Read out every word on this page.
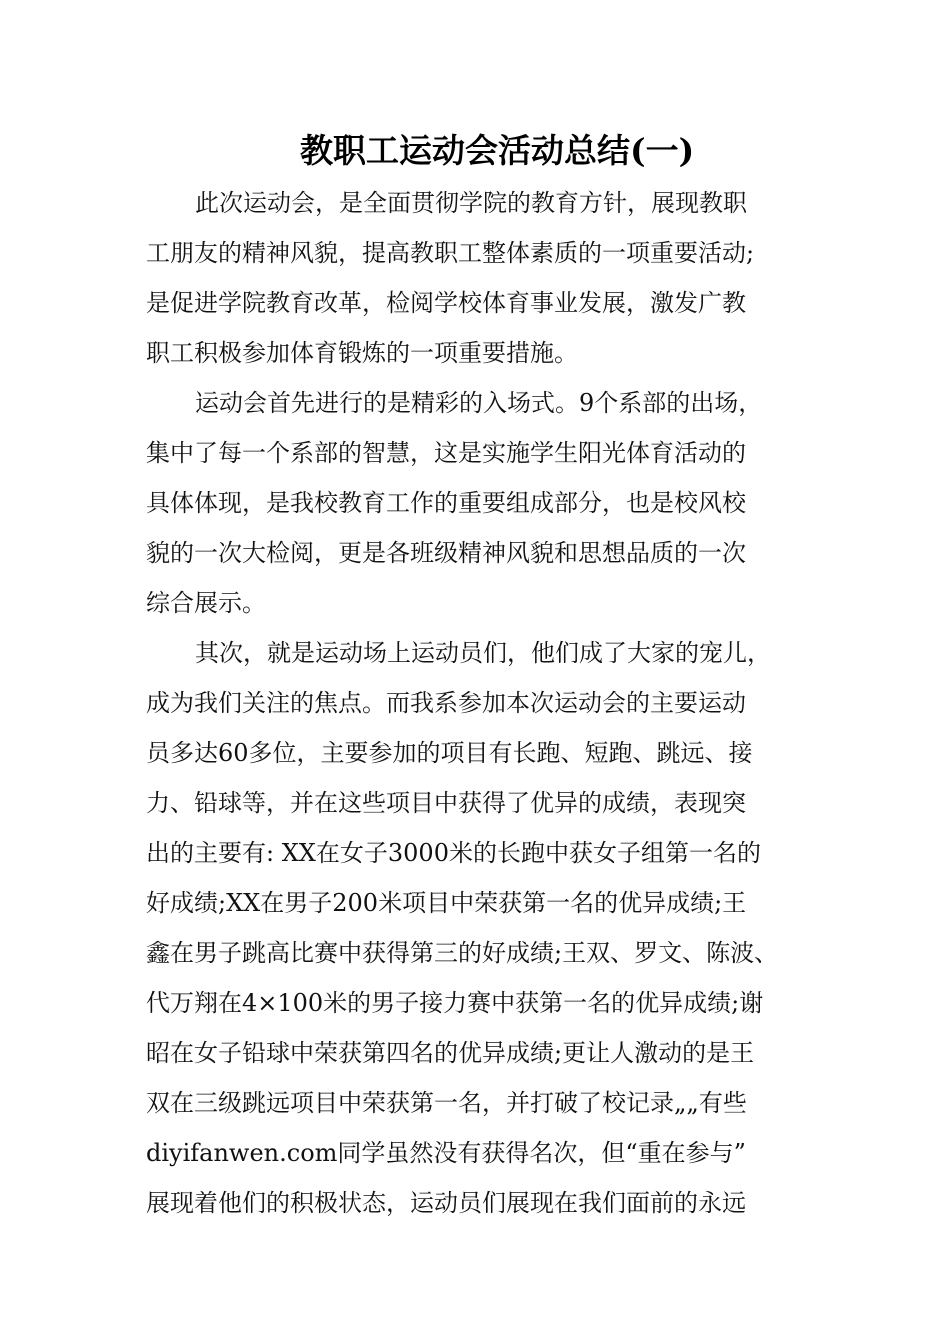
教职工运动会活动总结(一)
此次运动会，是全面贯彻学院的教育方针，展现教职
工朋友的精神风貌，提高教职工整体素质的一项重要活动;
是促进学院教育改革，检阅学校体育事业发展，激发广教
职工积极参加体育锻炼的一项重要措施。
运动会首先进行的是精彩的入场式。9个系部的出场，
集中了每一个系部的智慧，这是实施学生阳光体育活动的
具体体现，是我校教育工作的重要组成部分，也是校风校
貌的一次大检阅，更是各班级精神风貌和思想品质的一次
综合展示。
其次，就是运动场上运动员们，他们成了大家的宠儿，
成为我们关注的焦点。而我系参加本次运动会的主要运动
员多达60多位，主要参加的项目有长跑、短跑、跳远、接
力、铅球等，并在这些项目中获得了优异的成绩，表现突
出的主要有: XX在女子3000米的长跑中获女子组第一名的
好成绩;XX在男子200米项目中荣获第一名的优异成绩;王
鑫在男子跳高比赛中获得第三的好成绩;王双、罗文、陈波、
代万翔在4×100米的男子接力赛中获第一名的优异成绩;谢
昭在女子铅球中荣获第四名的优异成绩;更让人激动的是王
双在三级跳远项目中荣获第一名，并打破了校记录„„有些
diyifanwen.com同学虽然没有获得名次，但“重在参与”
展现着他们的积极状态，运动员们展现在我们面前的永远
